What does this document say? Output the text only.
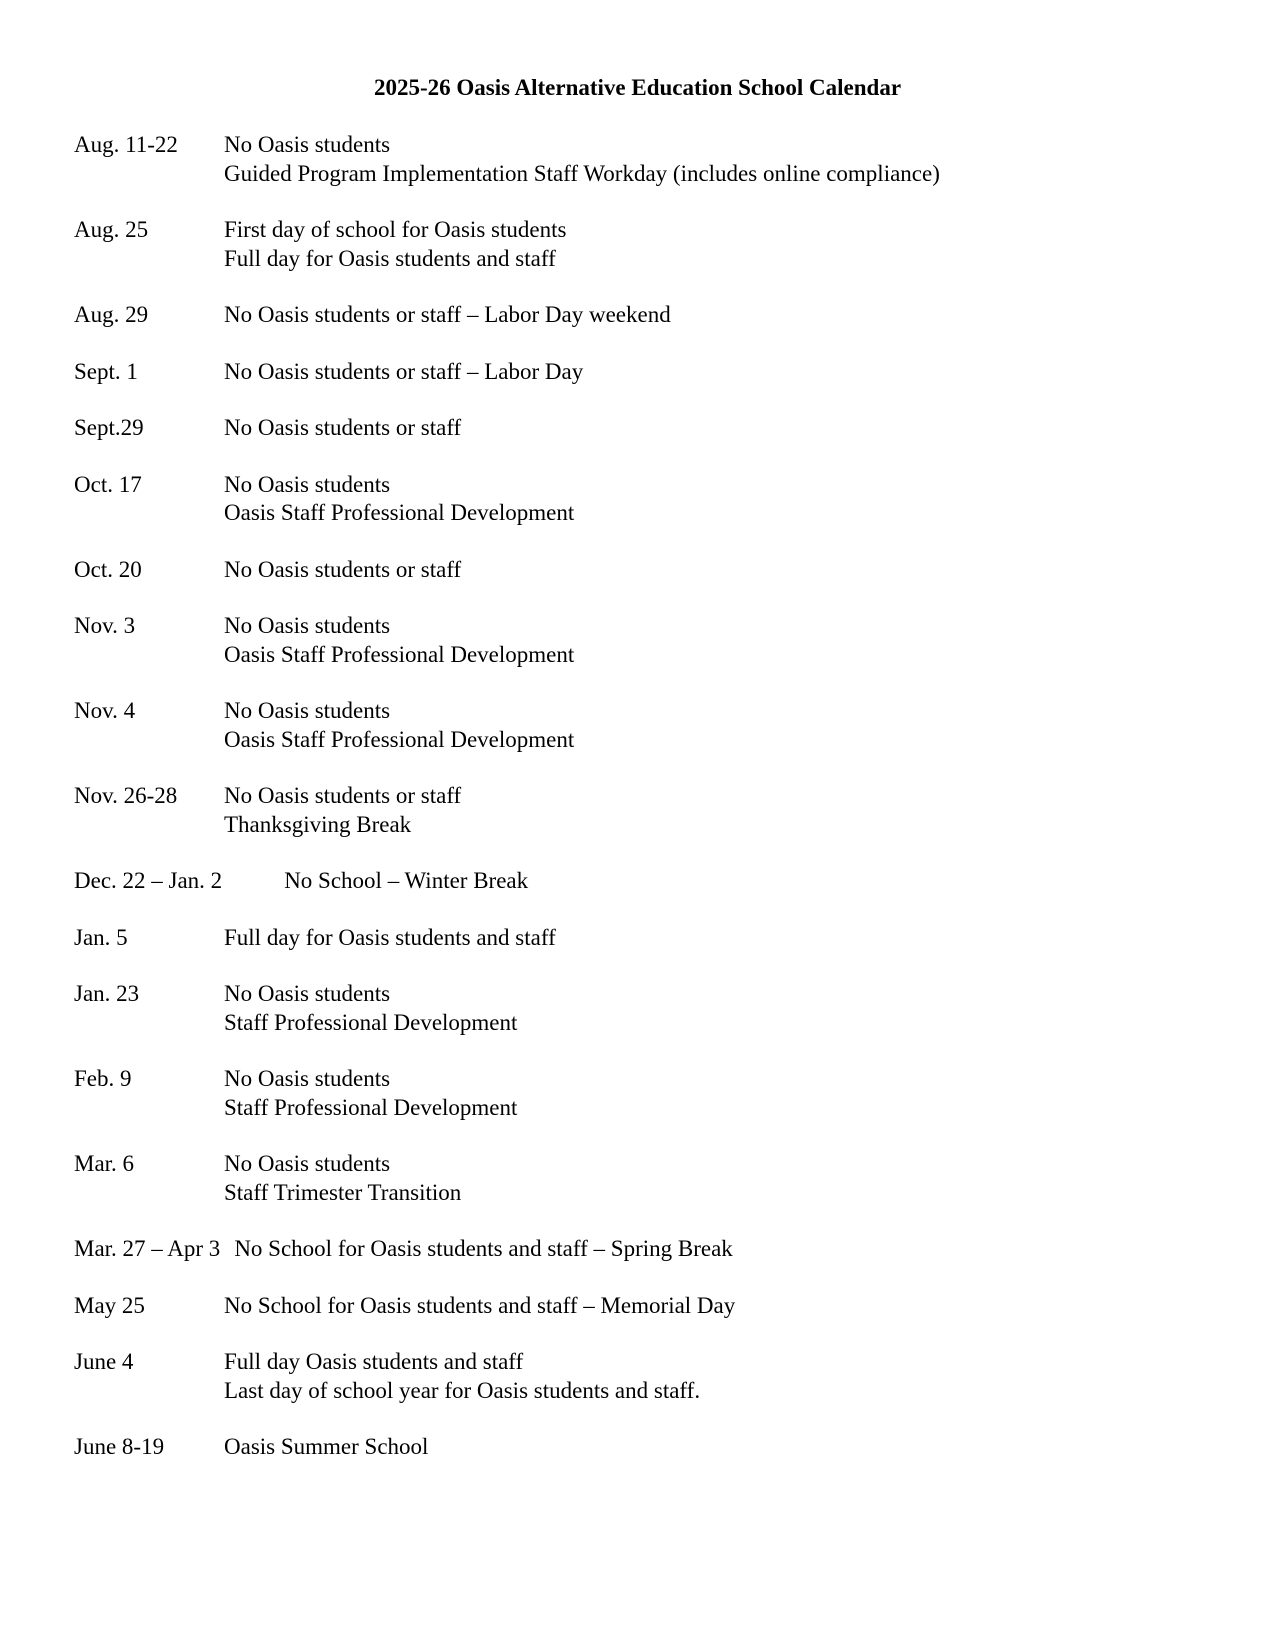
2025-26 Oasis Alternative Education School Calendar
Aug. 11-22 No Oasis students
Guided Program Implementation Staff Workday (includes online compliance)
Aug. 25	First day of school for Oasis students
Full day for Oasis students and staff
Aug. 29	No Oasis students or staff – Labor Day weekend
Sept. 1	No Oasis students or staff – Labor Day
Sept.29	No Oasis students or staff
Oct. 17	No Oasis students
Oasis Staff Professional Development
Oct. 20	No Oasis students or staff
Nov. 3	No Oasis students
Oasis Staff Professional Development
Nov. 4	No Oasis students
Oasis Staff Professional Development
Nov. 26-28 No Oasis students or staff
Thanksgiving Break
Dec. 22 – Jan. 2	No School – Winter Break
Jan. 5	Full day for Oasis students and staff
Jan. 23	No Oasis students
Staff Professional Development
Feb. 9	No Oasis students
Staff Professional Development
Mar. 6	No Oasis students
Staff Trimester Transition
Mar. 27 – Apr 3 No School for Oasis students and staff – Spring Break
May 25	No School for Oasis students and staff – Memorial Day
June 4	Full day Oasis students and staff
Last day of school year for Oasis students and staff.
June 8-19	Oasis Summer School
